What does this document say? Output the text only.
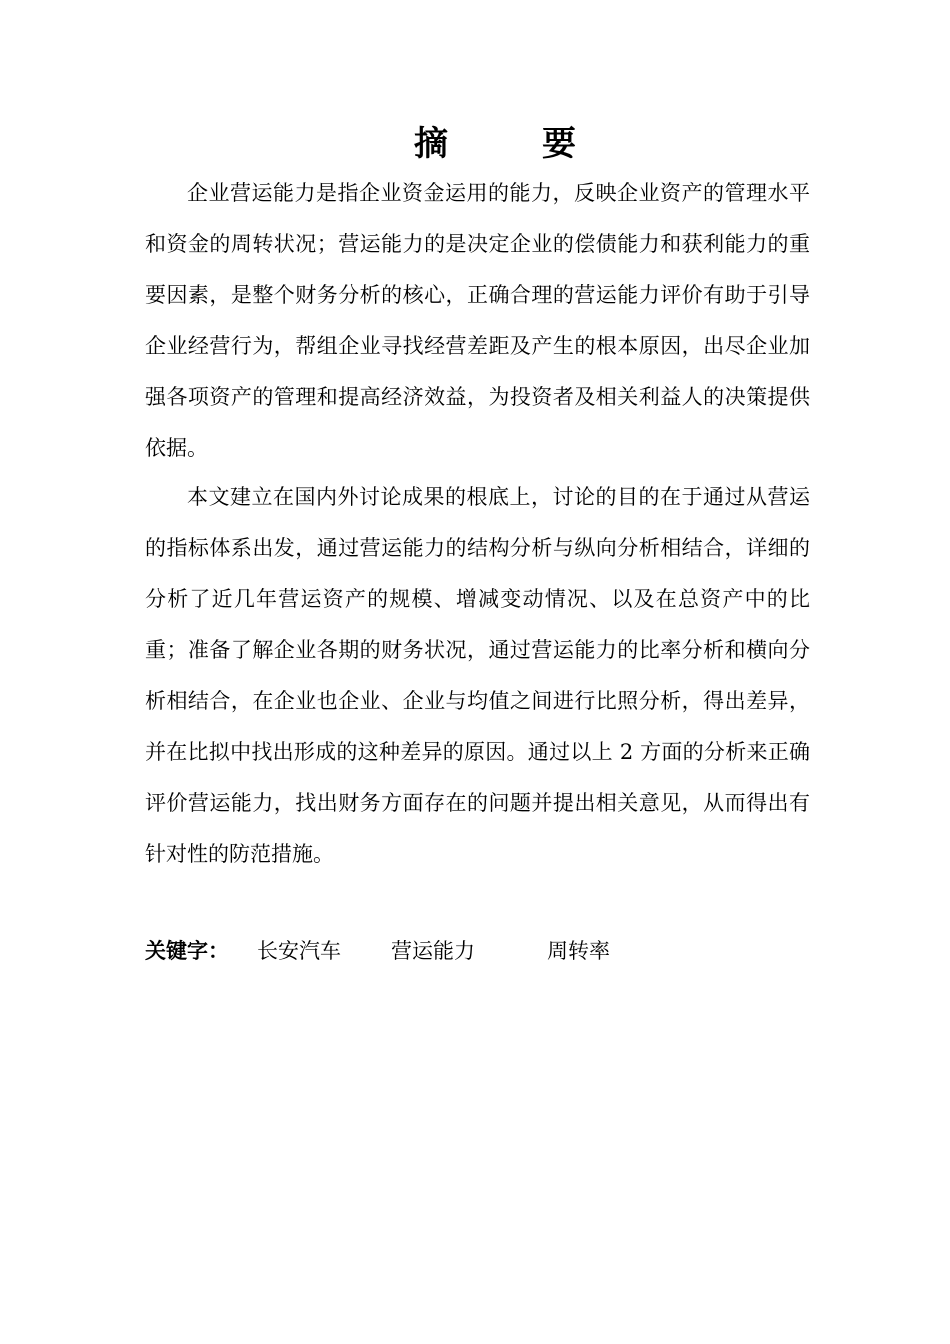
摘　要

企业营运能力是指企业资金运用的能力，反映企业资产的管理水平和资金的周转状况；营运能力的是决定企业的偿债能力和获利能力的重要因素，是整个财务分析的核心，正确合理的营运能力评价有助于引导企业经营行为，帮组企业寻找经营差距及产生的根本原因，出尽企业加强各项资产的管理和提高经济效益，为投资者及相关利益人的决策提供依据。

本文建立在国内外讨论成果的根底上，讨论的目的在于通过从营运的指标体系出发，通过营运能力的结构分析与纵向分析相结合，详细的分析了近几年营运资产的规模、增减变动情况、以及在总资产中的比重；准备了解企业各期的财务状况，通过营运能力的比率分析和横向分析相结合，在企业也企业、企业与均值之间进行比照分析，得出差异，并在比拟中找出形成的这种差异的原因。通过以上 2 方面的分析来正确评价营运能力，找出财务方面存在的问题并提出相关意见，从而得出有针对性的防范措施。

关键字： 长安汽车 营运能力	周转率
